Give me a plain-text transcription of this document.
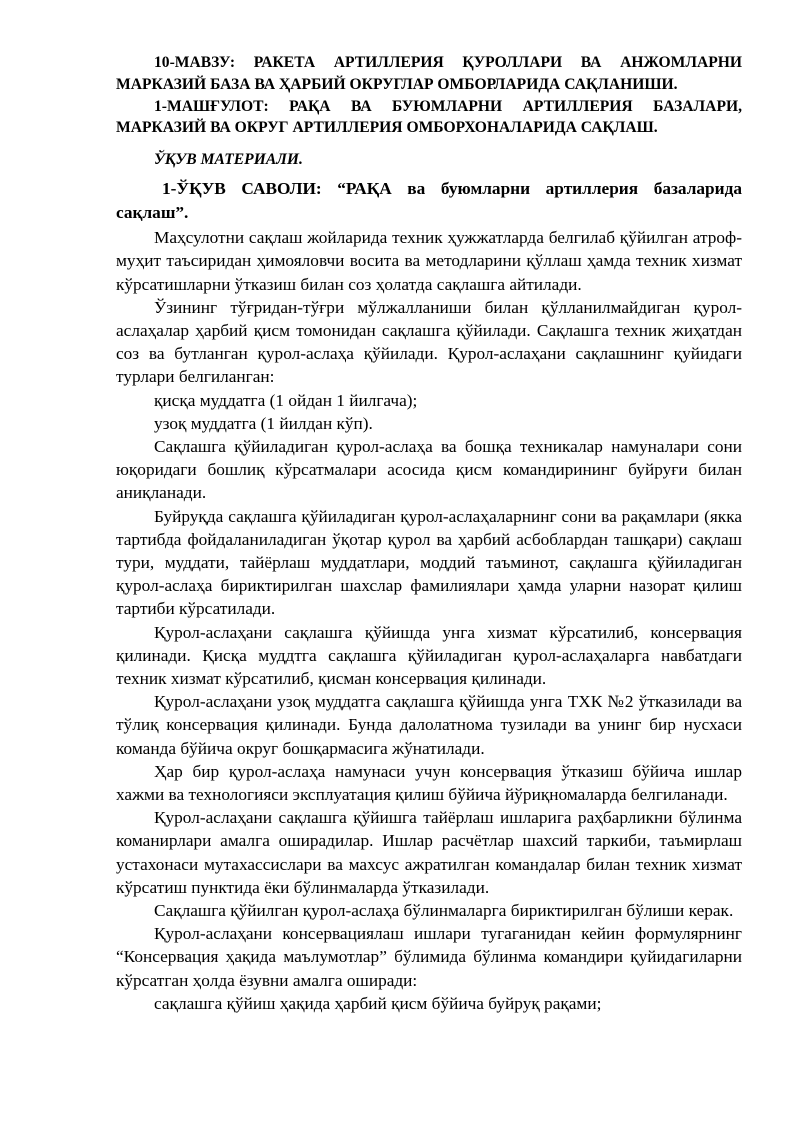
10-МАВЗУ: РАКЕТА АРТИЛЛЕРИЯ ҚУРОЛЛАРИ ВА АНЖОМЛАРНИ МАРКАЗИЙ БАЗА ВА ҲАРБИЙ ОКРУГЛАР ОМБОРЛАРИДА САҚЛАНИШИ.

1-МАШҒУЛОТ: РАҚА ВА БУЮМЛАРНИ АРТИЛЛЕРИЯ БАЗАЛАРИ, МАРКАЗИЙ ВА ОКРУГ АРТИЛЛЕРИЯ ОМБОРХОНАЛАРИДА САҚЛАШ.

ЎҚУВ МАТЕРИАЛИ.

1-ЎҚУВ САВОЛИ: “РАҚА ва буюмларни артиллерия базаларида сақлаш”.

Маҳсулотни сақлаш жойларида техник ҳужжатларда белгилаб қўйилган атроф-муҳит таъсиридан ҳимояловчи восита ва методларини қўллаш ҳамда техник хизмат кўрсатишларни ўтказиш билан соз ҳолатда сақлашга айтилади.

Ўзининг тўғридан-тўғри мўлжалланиши билан қўлланилмайдиган қурол-аслаҳалар ҳарбий қисм томонидан сақлашга қўйилади. Сақлашга техник жиҳатдан соз ва бутланган қурол-аслаҳа қўйилади. Қурол-аслаҳани сақлашнинг қуйидаги турлари белгиланган:

қисқа муддатга (1 ойдан 1 йилгача);

узоқ муддатга (1 йилдан кўп).

Сақлашга қўйиладиган қурол-аслаҳа ва бошқа техникалар намуналари сони юқоридаги бошлиқ кўрсатмалари асосида қисм командирининг буйруғи билан аниқланади.

Буйруқда сақлашга қўйиладиган қурол-аслаҳаларнинг сони ва рақамлари (якка тартибда фойдаланиладиган ўқотар қурол ва ҳарбий асбоблардан ташқари) сақлаш тури, муддати, тайёрлаш муддатлари, моддий таъминот, сақлашга қўйиладиган қурол-аслаҳа бириктирилган шахслар фамилиялари ҳамда уларни назорат қилиш тартиби кўрсатилади.

Қурол-аслаҳани сақлашга қўйишда унга хизмат кўрсатилиб, консервация қилинади. Қисқа муддтга сақлашга қўйиладиган қурол-аслаҳаларга навбатдаги техник хизмат кўрсатилиб, қисман консервация қилинади.

Қурол-аслаҳани узоқ муддатга сақлашга қўйишда унга ТХК №2 ўтказилади ва тўлиқ консервация қилинади. Бунда далолатнома тузилади ва унинг бир нусхаси команда бўйича округ бошқармасига жўнатилади.

Ҳар бир қурол-аслаҳа намунаси учун консервация ўтказиш бўйича ишлар хажми ва технологияси эксплуатация қилиш бўйича йўриқномаларда белгиланади.

Қурол-аслаҳани сақлашга қўйишга тайёрлаш ишларига раҳбарликни бўлинма команирлари амалга оширадилар. Ишлар расчётлар шахсий таркиби, таъмирлаш устахонаси мутахассислари ва махсус ажратилган командалар билан техник хизмат кўрсатиш пунктида ёки бўлинмаларда ўтказилади.

Сақлашга қўйилган қурол-аслаҳа бўлинмаларга бириктирилган бўлиши керак.

Қурол-аслаҳани консервациялаш ишлари тугаганидан кейин формулярнинг “Консервация ҳақида маълумотлар” бўлимида бўлинма командири қуйидагиларни кўрсатган ҳолда ёзувни амалга оширади:

сақлашга қўйиш ҳақида ҳарбий қисм бўйича буйруқ рақами;
